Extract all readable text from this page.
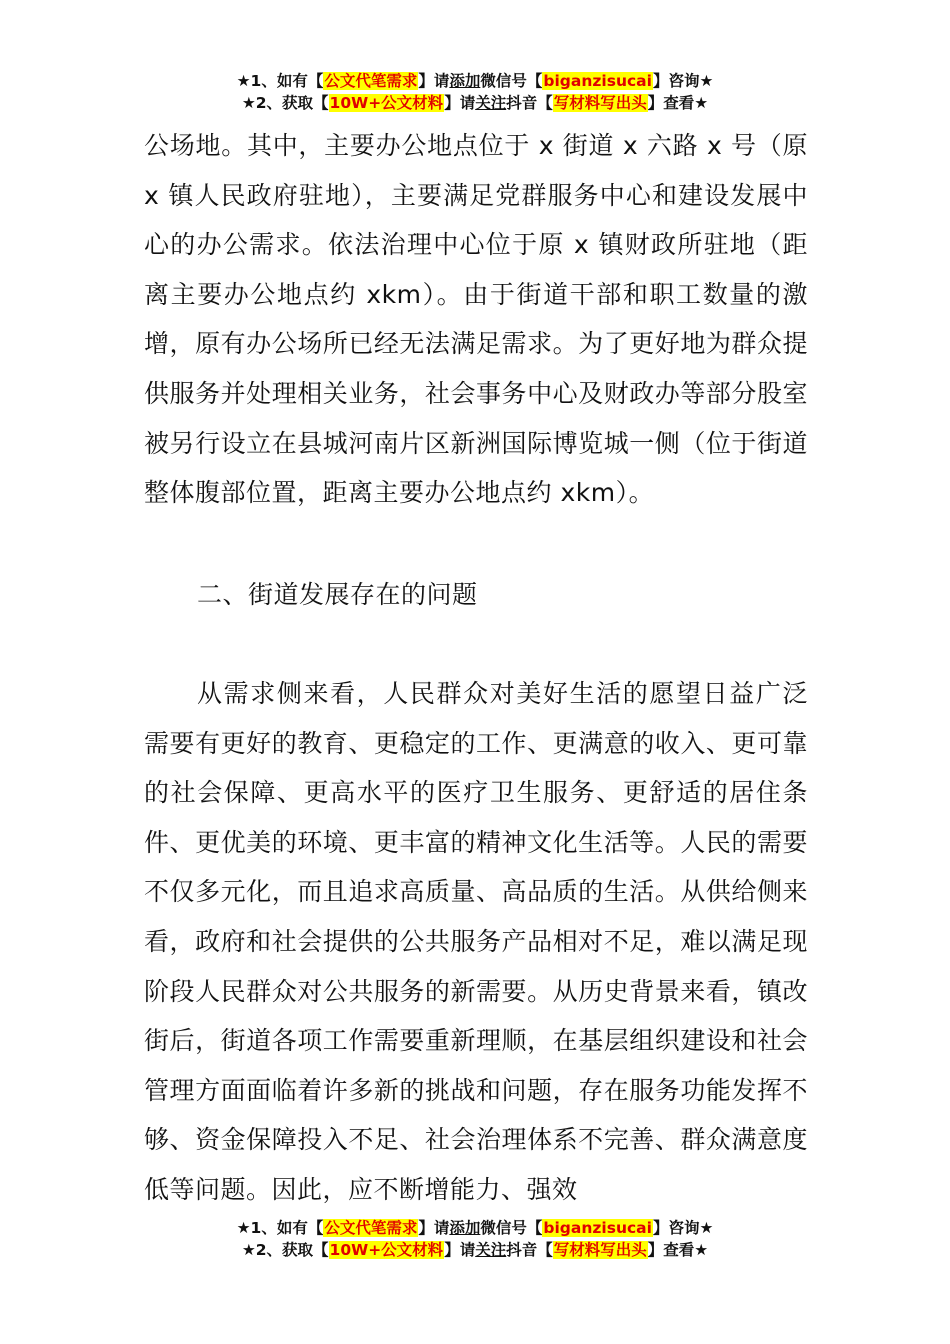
★1、如有【公文代笔需求】请添加微信号【biganzisucai】咨询★
★2、获取【10W+公文材料】请关注抖音【写材料写出头】查看★

公场地。其中，主要办公地点位于 x 街道 x 六路 x 号（原 x 镇人民政府驻地），主要满足党群服务中心和建设发展中心的办公需求。依法治理中心位于原 x 镇财政所驻地（距离主要办公地点约 xkm）。由于街道干部和职工数量的激增，原有办公场所已经无法满足需求。为了更好地为群众提供服务并处理相关业务，社会事务中心及财政办等部分股室被另行设立在县城河南片区新洲国际博览城一侧（位于街道整体腹部位置，距离主要办公地点约 xkm）。

二、街道发展存在的问题

从需求侧来看，人民群众对美好生活的愿望日益广泛需要有更好的教育、更稳定的工作、更满意的收入、更可靠的社会保障、更高水平的医疗卫生服务、更舒适的居住条件、更优美的环境、更丰富的精神文化生活等。人民的需要不仅多元化，而且追求高质量、高品质的生活。从供给侧来看，政府和社会提供的公共服务产品相对不足，难以满足现阶段人民群众对公共服务的新需要。从历史背景来看，镇改街后，街道各项工作需要重新理顺，在基层组织建设和社会管理方面面临着许多新的挑战和问题，存在服务功能发挥不够、资金保障投入不足、社会治理体系不完善、群众满意度低等问题。因此，应不断增能力、强效

★1、如有【公文代笔需求】请添加微信号【biganzisucai】咨询★
★2、获取【10W+公文材料】请关注抖音【写材料写出头】查看★
